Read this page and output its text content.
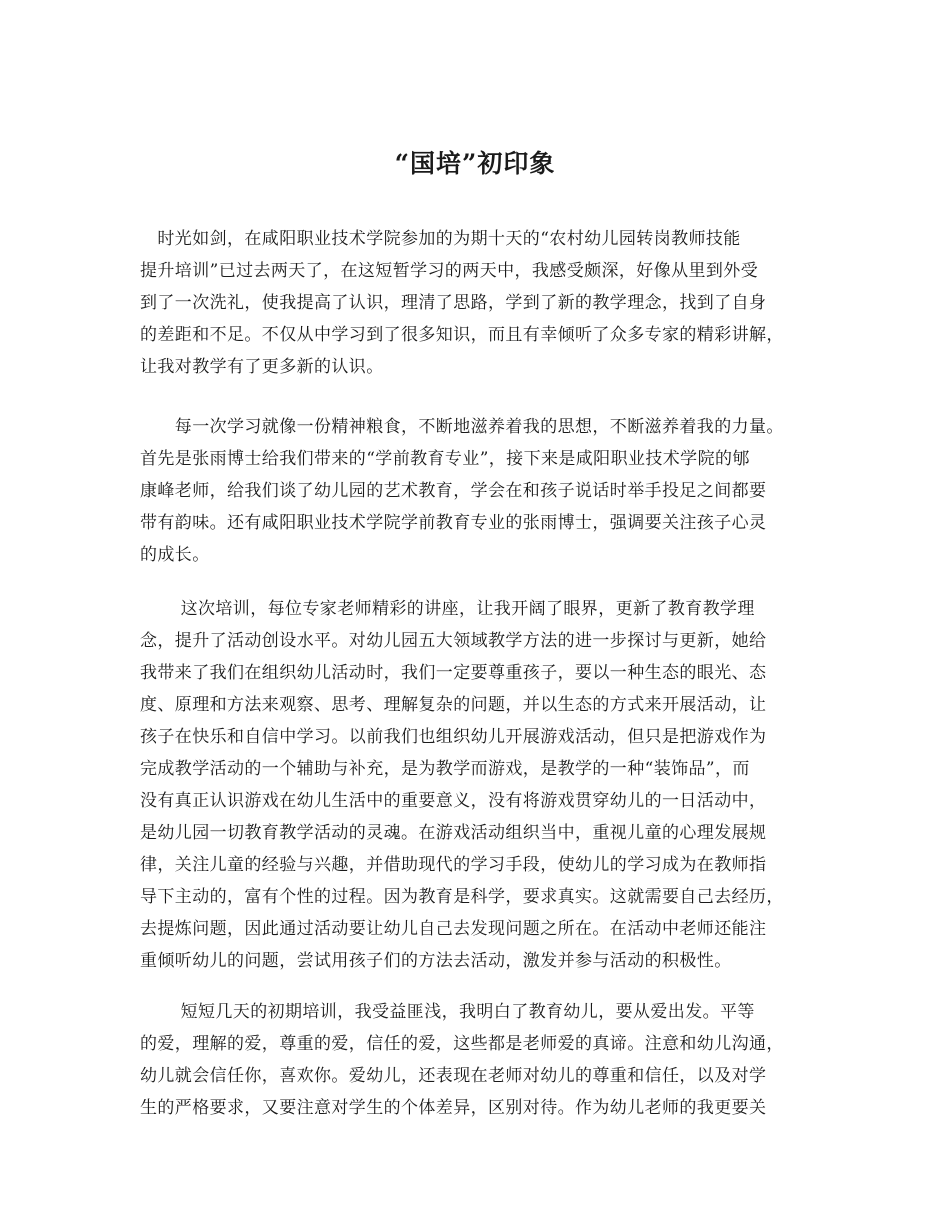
“国培”初印象
　时光如剑，在咸阳职业技术学院参加的为期十天的“农村幼儿园转岗教师技能
提升培训”已过去两天了，在这短暂学习的两天中，我感受颇深，好像从里到外受
到了一次洗礼，使我提高了认识，理清了思路，学到了新的教学理念，找到了自身
的差距和不足。不仅从中学习到了很多知识，而且有幸倾听了众多专家的精彩讲解，
让我对教学有了更多新的认识。
　　每一次学习就像一份精神粮食，不断地滋养着我的思想，不断滋养着我的力量。
首先是张雨博士给我们带来的“学前教育专业”，接下来是咸阳职业技术学院的郇
康峰老师，给我们谈了幼儿园的艺术教育，学会在和孩子说话时举手投足之间都要
带有韵味。还有咸阳职业技术学院学前教育专业的张雨博士，强调要关注孩子心灵
的成长。
　　 这次培训，每位专家老师精彩的讲座，让我开阔了眼界，更新了教育教学理
念，提升了活动创设水平。对幼儿园五大领域教学方法的进一步探讨与更新，她给
我带来了我们在组织幼儿活动时，我们一定要尊重孩子，要以一种生态的眼光、态
度、原理和方法来观察、思考、理解复杂的问题，并以生态的方式来开展活动，让
孩子在快乐和自信中学习。以前我们也组织幼儿开展游戏活动，但只是把游戏作为
完成教学活动的一个辅助与补充，是为教学而游戏，是教学的一种“装饰品”，而
没有真正认识游戏在幼儿生活中的重要意义，没有将游戏贯穿幼儿的一日活动中，
是幼儿园一切教育教学活动的灵魂。在游戏活动组织当中，重视儿童的心理发展规
律，关注儿童的经验与兴趣，并借助现代的学习手段，使幼儿的学习成为在教师指
导下主动的，富有个性的过程。因为教育是科学，要求真实。这就需要自己去经历，
去提炼问题，因此通过活动要让幼儿自己去发现问题之所在。在活动中老师还能注
重倾听幼儿的问题，尝试用孩子们的方法去活动，激发并参与活动的积极性。
　　 短短几天的初期培训，我受益匪浅，我明白了教育幼儿，要从爱出发。平等
的爱，理解的爱，尊重的爱，信任的爱，这些都是老师爱的真谛。注意和幼儿沟通，
幼儿就会信任你，喜欢你。爱幼儿，还表现在老师对幼儿的尊重和信任，以及对学
生的严格要求，又要注意对学生的个体差异，区别对待。作为幼儿老师的我更要关
